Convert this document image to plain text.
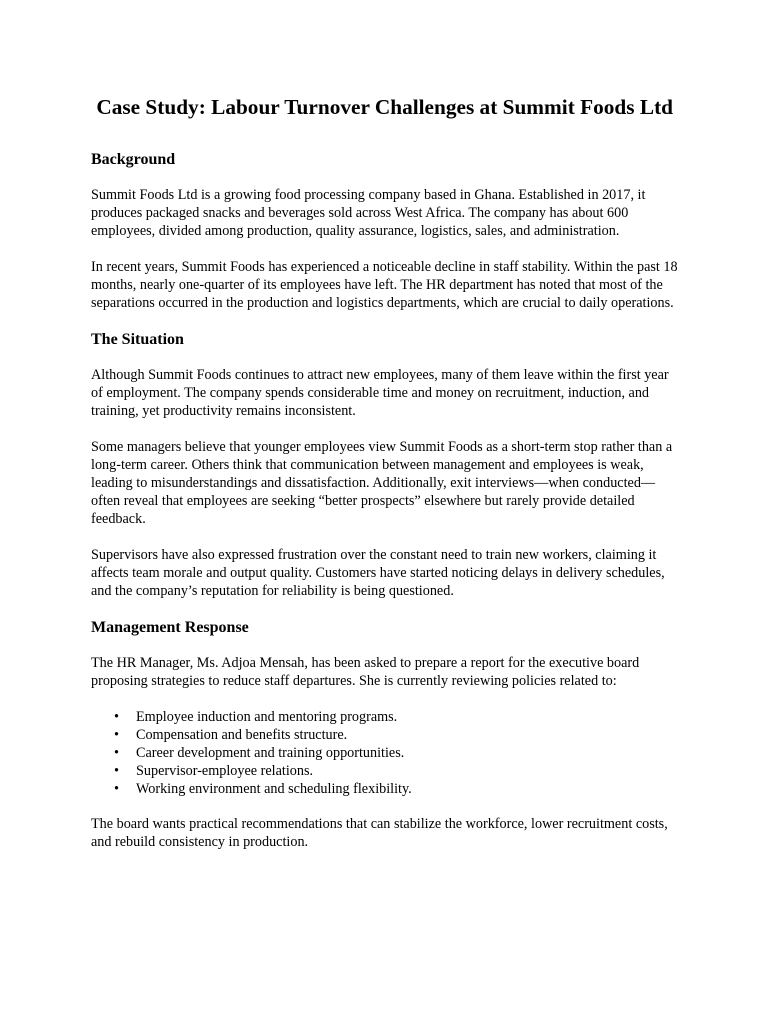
Case Study: Labour Turnover Challenges at Summit Foods Ltd
Background

Summit Foods Ltd is a growing food processing company based in Ghana. Established in 2017, it produces packaged snacks and beverages sold across West Africa. The company has about 600 employees, divided among production, quality assurance, logistics, sales, and administration.

In recent years, Summit Foods has experienced a noticeable decline in staff stability. Within the past 18 months, nearly one-quarter of its employees have left. The HR department has noted that most of the separations occurred in the production and logistics departments, which are crucial to daily operations.

The Situation

Although Summit Foods continues to attract new employees, many of them leave within the first year of employment. The company spends considerable time and money on recruitment, induction, and training, yet productivity remains inconsistent.

Some managers believe that younger employees view Summit Foods as a short-term stop rather than a long-term career. Others think that communication between management and employees is weak, leading to misunderstandings and dissatisfaction. Additionally, exit interviews—when conducted—often reveal that employees are seeking “better prospects” elsewhere but rarely provide detailed feedback.

Supervisors have also expressed frustration over the constant need to train new workers, claiming it affects team morale and output quality. Customers have started noticing delays in delivery schedules, and the company’s reputation for reliability is being questioned.

Management Response

The HR Manager, Ms. Adjoa Mensah, has been asked to prepare a report for the executive board proposing strategies to reduce staff departures. She is currently reviewing policies related to:

• Employee induction and mentoring programs.
• Compensation and benefits structure.
• Career development and training opportunities.
• Supervisor-employee relations.
• Working environment and scheduling flexibility.

The board wants practical recommendations that can stabilize the workforce, lower recruitment costs, and rebuild consistency in production.
